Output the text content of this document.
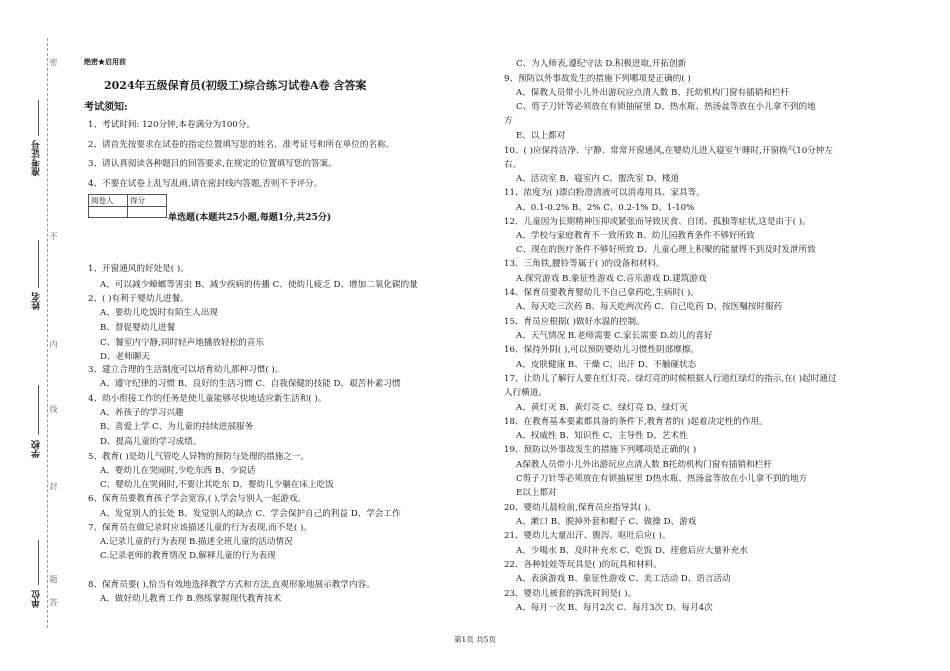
准考证号
姓名
学校
单位
密
不
内
线
封
题
答
绝密★启用前
2024年五级保育员(初级工)综合练习试卷A卷 含答案
考试须知:
1、考试时间: 120分钟,本卷满分为100分。
2、请首先按要求在试卷的指定位置填写您的姓名、准考证号和所在单位的名称。
3、请认真阅读各种题目的回答要求,在规定的位置填写您的答案。
4、不要在试卷上乱写乱画,请在密封线内答题,否则不予评分。
阅卷人	得分

单选题(本题共25小题,每题1分,共25分)
1、开窗通风的好处是( )。
A、可以减少蟑螂等害虫 B、减少疾病的传播 C、使幼儿疲乏 D、增加二氧化碳的量
2、( )有利于婴幼儿进餐。
A、要幼儿吃饭时有陌生人出现
B、督促婴幼儿进餐
C、餐室内宁静,同时轻声地播放轻松的音乐
D、老师聊天
3、建立合理的生活制度可以培育幼儿那种习惯( )。
A、遵守纪律的习惯 B、良好的生活习惯 C、自我保健的技能 D、艰苦朴素习惯
4、幼小衔接工作的任务是使儿童能够尽快地适应新生活和( )。
A、养孩子的学习兴趣
B、喜爱上学 C、为儿童的持续进展服务
D、提高儿童的学习成绩。
5、教育( )是幼儿气管吃人异物的预防与处理的措施之一。
A、婴幼儿在哭闹时,少吃东西 B、少说话
C、婴幼儿在哭闹时,不要让其吃东 D、婴幼儿少躺在床上吃饭
6、保育员要教育孩子学会宽容,( ),学会与别人一起游戏。
A、发觉别人的长处 B、发觉别人的缺点 C、学会保护自己的利益 D、学会工作
7、保育员在做记录时应该描述儿童的行为表现,而不是( )。
A.记录儿童的行为表现 B.描述全班儿童的活动情况
C.记录老师的教育情况 D.解释儿童的行为表现
8、保育员要( ),恰当有效地选择教学方式和方法,直观形象地展示教学内容。
A、做好幼儿教育工作 B.熟练掌握现代教育技术
C、为人师表,遵纪守法 D.积极进取,开拓创新
9、预防以外事故发生的措施下列哪项是正确的( )
A、保教人员带小儿外出游玩应点清人数 B、托幼机构门窗有插销和栏杆
C、剪子刀针等必须放在有锁抽屉里 D、热水瓶、热汤盆等放在小儿拿不到的地
方
E、以上都对
10、( )应保持洁净、宁静、常常开窗通风,在婴幼儿进入寝室午睡时,开窗换气10分钟左
右。
A、活动室 B、寝室内 C、盥洗室 D、楼道
11、浓度为( )漂白粉澄清液可以消毒用具、家具等。
A、0.1-0.2% B、2% C、0.2-1% D、1-10%
12、儿童因为长期精神压抑或紧张而导致厌食、自闭、孤独等症状,这是由于( )。
A、学校与家庭教育不一致所致 B、幼儿园教育条件不够好所致
C、现在的医疗条件不够好所致 D、儿童心理上积聚的能量得不到及时发泄所致
13、三角铁,腰铃等属于( )的设备和材料。
A.探究游戏 B.象征性游戏 C.音乐游戏 D.建筑游戏
14、保育员要教育婴幼儿不自己拿药吃,生病时( )。
A、每天吃三次药 B、每天吃两次药 C、自己吃药 D、按医嘱按时服药
15、育员应根据( )做好水温的控制。
A、天气情况 B.老师需要 C.家长需要 D.幼儿的喜好
16、保持外阴( ),可以预防婴幼儿习惯性阴部摩擦。
A、皮肤健康 B、干燥 C、出汗 D、不触碰状态
17、让幼儿了解行人要在红灯亮、绿灯亮的时候根据人行道红绿灯的指示,在( )起时通过
人行横道。
A、黄灯灭 B、黄灯亮 C、绿灯亮 D、绿灯灭
18、在教育基本要素都具备的条件下,教育者的( )起着决定性的作用。
A、权威性 B、知识性 C、主导性 D、艺术性
19、预防以外事故发生的措施下列哪项是正确的( )
A保教人员带小儿外出游玩应点清人数 B托幼机构门窗有插销和栏杆
C剪子刀针等必须放在有锁抽屉里 D热水瓶、热汤盆等放在小儿拿不到的地方
E以上都对
20、婴幼儿晨检前,保育员应指导其( )。
A、漱口 B、脱掉外套和帽子 C、做操 D、游戏
21、婴幼儿大量出汗、腹泻、呕吐后应( )。
A、少喝水 B、及时补充水 C、吃饭 D、痊愈后应大量补充水
22、各种娃娃等玩具是( )的玩具和材料。
A、表演游戏 B、象征性游戏 C、美工活动 D、语言活动
23、婴幼儿被套的拆洗时间是( )。
A、每月一次 B、每月2次 C、每月3次 D、每月4次
第1页 共5页
